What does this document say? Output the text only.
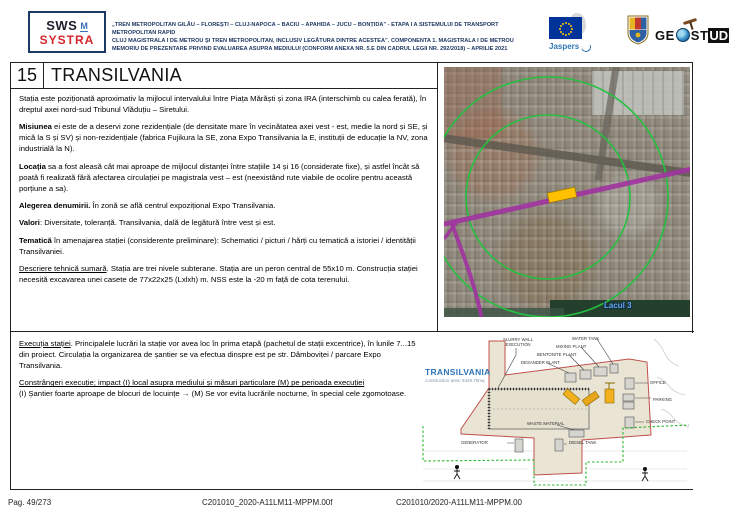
SWS M
SYSTRA
„TREN METROPOLITAN GILĂU – FLOREȘTI – CLUJ-NAPOCA – BACIU – APAHIDA – JUCU – BONȚIDA” - ETAPA I A SISTEMULUI DE TRANSPORT METROPOLITAN RAPID
CLUJ MAGISTRALA I DE METROU ȘI TREN METROPOLITAN, INCLUSIV LEGĂTURA DINTRE ACESTEA”. COMPONENTA 1. MAGISTRALA I DE METROU
MEMORIU DE PREZENTARE PRIVIND EVALUAREA ASUPRA MEDIULUI (CONFORM ANEXA NR. 5.E DIN CADRUL LEGII NR. 292/2018) – APRILIE 2021	Jaspers
GE ST UD
15 TRANSILVANIA

Stația este poziționată aproximativ la mijlocul intervalului între Piața Mărăști și zona IRA (interschimb cu calea ferată), în dreptul axei nord-sud Tribunul Vlăduțiu – Siretului.

Misiunea ei este de a deservi zone rezidențiale (de densitate mare în vecinătatea axei vest - est, medie la nord și SE, și mică la S și SV) și non-rezidențiale (fabrica Fujikura la SE, zona Expo Transilvania la E, instituții de educație la NV, zona industrială la N).

Locația sa a fost aleasă cât mai aproape de mijlocul distanței între stațiile 14 și 16 (considerate fixe), și astfel încât să poată fi realizată fără afectarea circulației pe magistrala vest – est (neexistând rute viabile de ocolire pentru această porțiune a sa).

Alegerea denumirii. În zonă se află centrul expozițional Expo Transilvania.

Valori: Diversitate, toleranță. Transilvania, dală de legătură între vest și est.

Tematică în amenajarea stației (considerente preliminare): Schematici / picturi / hărți cu tematică a istoriei / identității Transilvaniei.

Descriere tehnică sumară. Stația are trei nivele subterane. Stația are un peron central de 55x10 m. Construcția stației necesită excavarea unei casete de 77x22x25 (Lxlxh) m. NSS este la -20 m față de cota terenului.

Execuția stației. Principalele lucrări la stație vor avea loc în prima etapă (pachetul de stații excentrice), în lunile 7...15 din proiect. Circulația la organizarea de șantier se va efectua dinspre est pe str. Dâmboviței / parcare Expo Transilvania.

Constrângeri execuție; impact (I) local asupra mediului și măsuri particulare (M) pe perioada execuției
(I) Șantier foarte aproape de blocuri de locuințe → (M) Se vor evita lucrările nocturne, în special cele zgomotoase.

Lacul 3
TRANSILVANIA
construction area: 5429.75mq
SLURRY WALL
EXECUTION
DESANDER PLANT
BENTONITE PLANT
MIXING PLANT
WATER TANK
OFFICE
PARKING
CHECK POINT
WASTE MATERIAL
GENERATOR	DIESEL TANK
Pag. 49/273	C201010_2020-A11LM11-MPPM.00f	C201010/2020-A11LM11-MPPM.00
